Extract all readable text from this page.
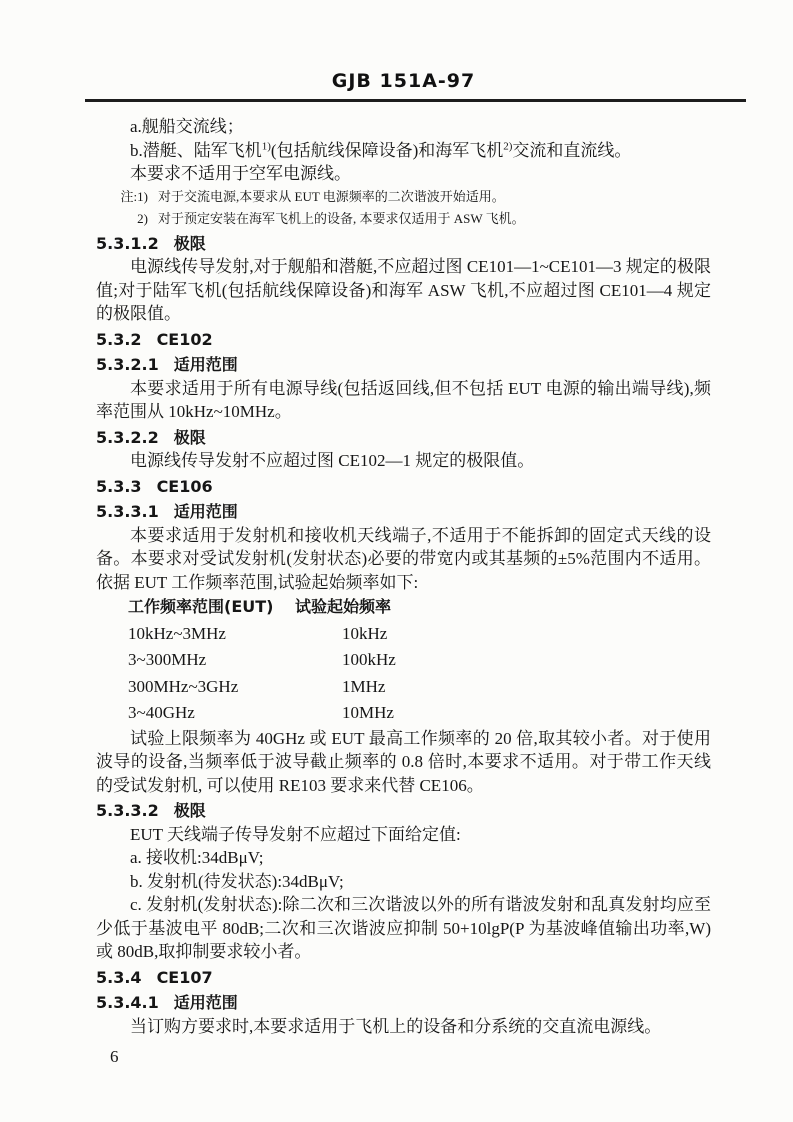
GJB 151A-97

a.舰船交流线；

b.潜艇、陆军飞机$^{1)}$(包括航线保障设备)和海军飞机$^{2)}$交流和直流线。

本要求不适用于空军电源线。

注:1) 对于交流电源,本要求从 EUT 电源频率的二次谐波开始适用。
2) 对于预定安装在海军飞机上的设备, 本要求仅适用于 ASW 飞机。
5.3.1.2 极限

电源线传导发射,对于舰船和潜艇,不应超过图 CE101—1~CE101—3 规定的极限值;对于陆军飞机(包括航线保障设备)和海军 ASW 飞机,不应超过图 CE101—4 规定的极限值。

5.3.2 CE102
5.3.2.1 适用范围

本要求适用于所有电源导线(包括返回线,但不包括 EUT 电源的输出端导线),频率范围从 10kHz~10MHz。

5.3.2.2 极限

电源线传导发射不应超过图 CE102—1 规定的极限值。

5.3.3 CE106
5.3.3.1 适用范围

本要求适用于发射机和接收机天线端子,不适用于不能拆卸的固定式天线的设备。本要求对受试发射机(发射状态)必要的带宽内或其基频的±5%范围内不适用。依据 EUT 工作频率范围,试验起始频率如下:

工作频率范围(EUT)	试验起始频率
10kHz~3MHz	10kHz
3~300MHz	100kHz
300MHz~3GHz	1MHz
3~40GHz	10MHz

试验上限频率为 40GHz 或 EUT 最高工作频率的 20 倍,取其较小者。对于使用波导的设备,当频率低于波导截止频率的 0.8 倍时,本要求不适用。对于带工作天线的受试发射机, 可以使用 RE103 要求来代替 CE106。

5.3.3.2 极限

EUT 天线端子传导发射不应超过下面给定值:

a. 接收机:34dBμV;

b. 发射机(待发状态):34dBμV;

c. 发射机(发射状态):除二次和三次谐波以外的所有谐波发射和乱真发射均应至少低于基波电平 80dB;二次和三次谐波应抑制 50+10lgP(P 为基波峰值输出功率,W)或 80dB,取抑制要求较小者。

5.3.4 CE107
5.3.4.1 适用范围

当订购方要求时,本要求适用于飞机上的设备和分系统的交直流电源线。

6
